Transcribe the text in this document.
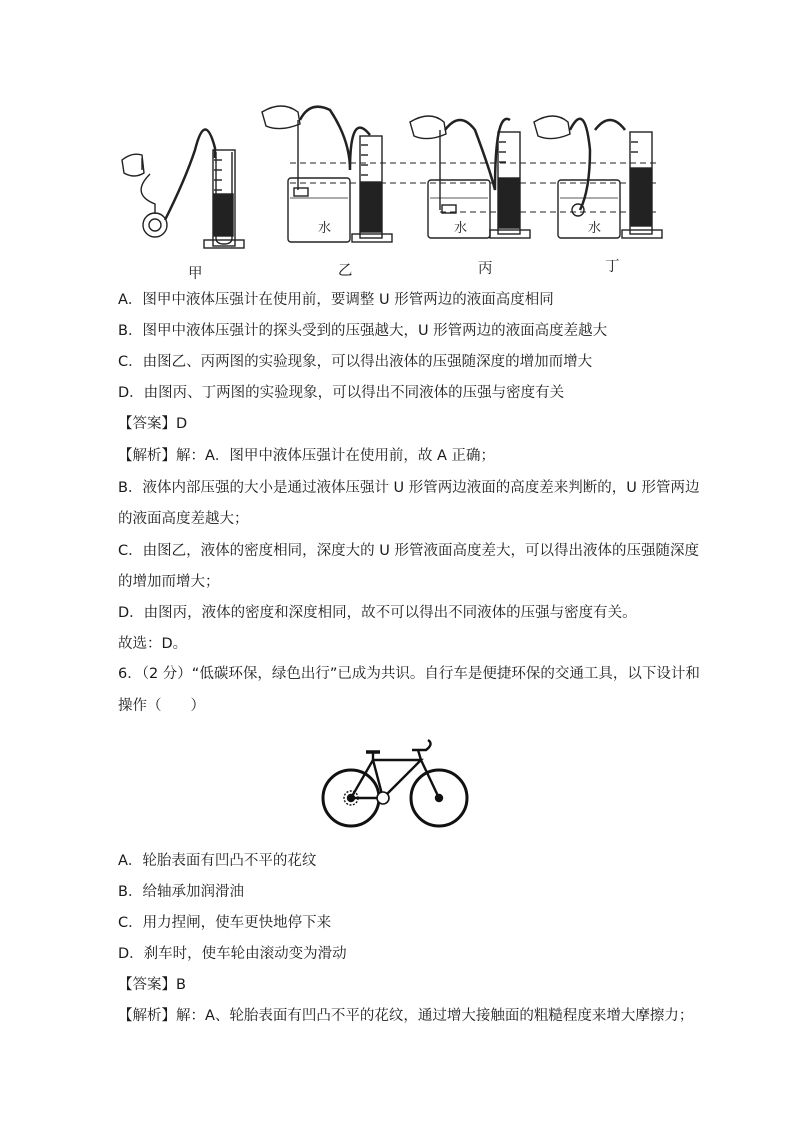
水	水	水
甲	乙	丙	丁
A．图甲中液体压强计在使用前，要调整 U 形管两边的液面高度相同
B．图甲中液体压强计的探头受到的压强越大，U 形管两边的液面高度差越大
C．由图乙、丙两图的实验现象，可以得出液体的压强随深度的增加而增大
D．由图丙、丁两图的实验现象，可以得出不同液体的压强与密度有关
【答案】D
【解析】解：A．图甲中液体压强计在使用前，故 A 正确；
B．液体内部压强的大小是通过液体压强计 U 形管两边液面的高度差来判断的，U 形管两边
的液面高度差越大；
C．由图乙，液体的密度相同，深度大的 U 形管液面高度差大，可以得出液体的压强随深度
的增加而增大；
D．由图丙，液体的密度和深度相同，故不可以得出不同液体的压强与密度有关。
故选：D。
6．（2 分）“低碳环保，绿色出行”已成为共识。自行车是便捷环保的交通工具，以下设计和
操作（　　）
A．轮胎表面有凹凸不平的花纹
B．给轴承加润滑油
C．用力捏闸，使车更快地停下来
D．刹车时，使车轮由滚动变为滑动
【答案】B
【解析】解：A、轮胎表面有凹凸不平的花纹，通过增大接触面的粗糙程度来增大摩擦力；
